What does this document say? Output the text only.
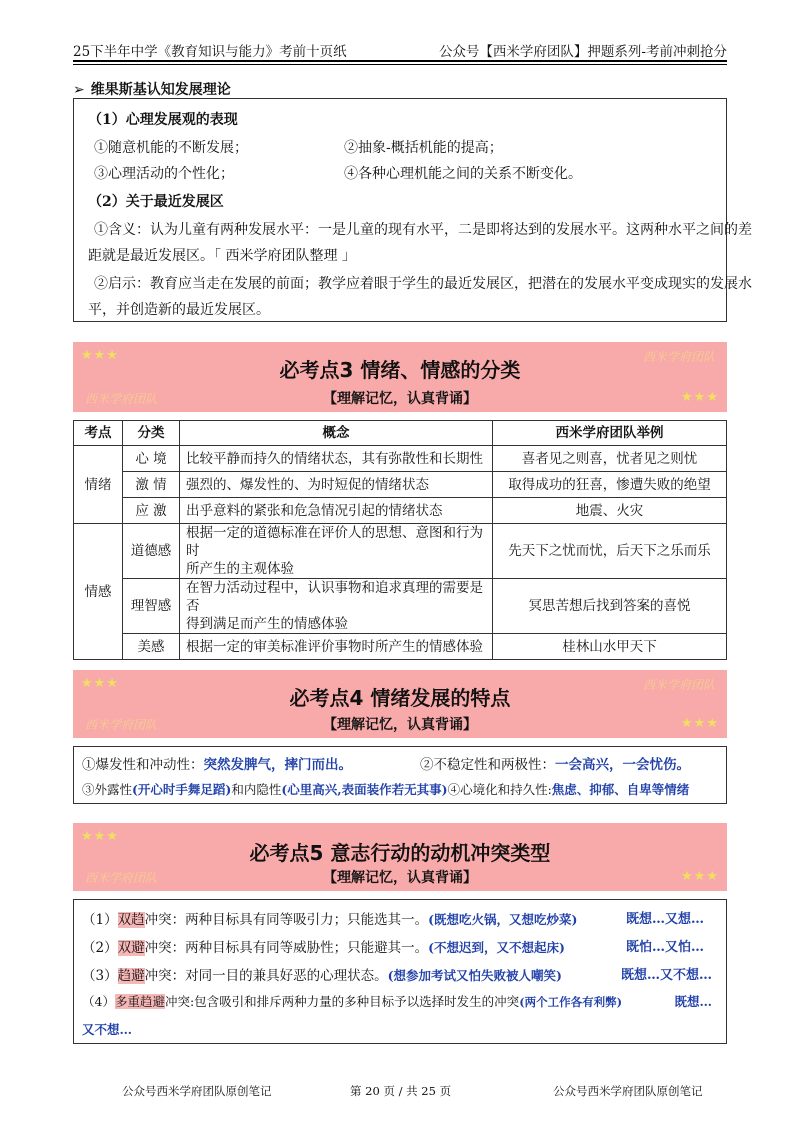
25下半年中学《教育知识与能力》考前十页纸	公众号【西米学府团队】押题系列-考前冲刺抢分
➢ 维果斯基认知发展理论
（1）心理发展观的表现
①随意机能的不断发展；	②抽象-概括机能的提高；
③心理活动的个性化；	④各种心理机能之间的关系不断变化。
（2）关于最近发展区
①含义：认为儿童有两种发展水平：一是儿童的现有水平，二是即将达到的发展水平。这两种水平之间的差
距就是最近发展区。「 西米学府团队整理 」
②启示：教育应当走在发展的前面；教学应着眼于学生的最近发展区，把潜在的发展水平变成现实的发展水
平，并创造新的最近发展区。
★★★	西米学府团队
必考点3 情绪、情感的分类
西米学府团队	【理解记忆，认真背诵】	★★★
考点	分类	概念	西米学府团队举例
情绪	心 境	比较平静而持久的情绪状态，其有弥散性和长期性	喜者见之则喜，忧者见之则忧
	激 情	强烈的、爆发性的、为时短促的情绪状态	取得成功的狂喜，惨遭失败的绝望
	应 激	出乎意料的紧张和危急情况引起的情绪状态	地震、火灾
情感	道德感	根据一定的道德标准在评价人的思想、意图和行为时
所产生的主观体验	先天下之忧而忧，后天下之乐而乐
	理智感	在智力活动过程中，认识事物和追求真理的需要是否
得到满足而产生的情感体验	冥思苦想后找到答案的喜悦
	美感	根据一定的审美标准评价事物时所产生的情感体验	桂林山水甲天下
★★★	西米学府团队
必考点4 情绪发展的特点
西米学府团队	【理解记忆，认真背诵】	★★★
①爆发性和冲动性：突然发脾气，摔门而出。	②不稳定性和两极性：一会高兴，一会忧伤。
③外露性(开心时手舞足蹈)和内隐性(心里高兴,表面装作若无其事)④心境化和持久性:焦虑、抑郁、自卑等情绪
★★★
必考点5 意志行动的动机冲突类型
西米学府团队	【理解记忆，认真背诵】	★★★
（1）双趋冲突：两种目标具有同等吸引力；只能选其一。(既想吃火锅，又想吃炒菜)	既想…又想…
（2）双避冲突：两种目标具有同等威胁性；只能避其一。(不想迟到，又不想起床)	既怕…又怕…
（3）趋避冲突：对同一目的兼具好恶的心理状态。(想参加考试又怕失败被人嘲笑)	既想…又不想…
（4）多重趋避冲突:包含吸引和排斥两种力量的多种目标予以选择时发生的冲突(两个工作各有利弊)	既想…
又不想…
公众号西米学府团队原创笔记	第 20 页 / 共 25 页	公众号西米学府团队原创笔记
